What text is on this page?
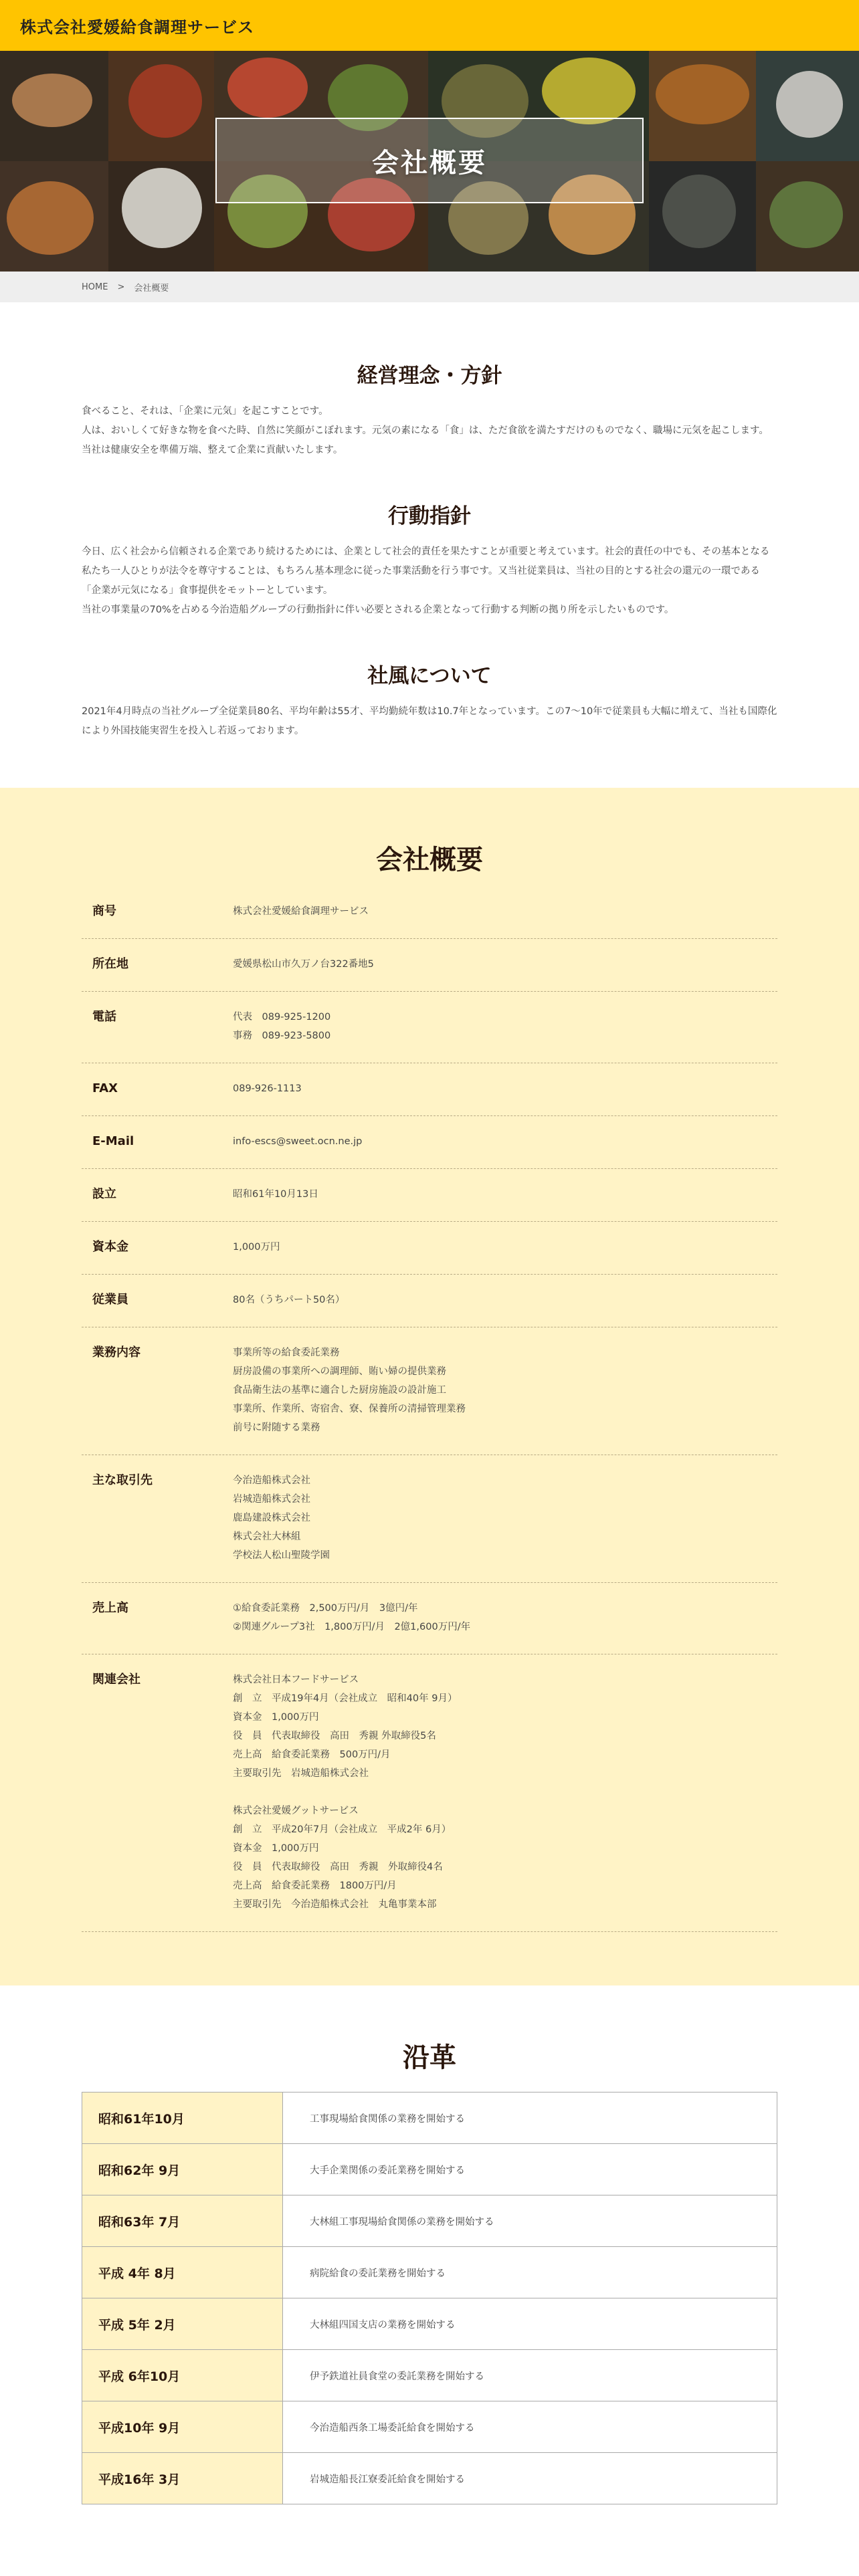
株式会社愛媛給食調理サービス
会社概要
HOME > 会社概要
経営理念・方針

食べること、それは、「企業に元気」を起こすことです。

人は、おいしくて好きな物を食べた時、自然に笑顔がこぼれます。元気の素になる「食」は、ただ食欲を満たすだけのものでなく、職場に元気を起こします。

当社は健康安全を準備万端、整えて企業に貢献いたします。

行動指針

今日、広く社会から信頼される企業であり続けるためには、企業として社会的責任を果たすことが重要と考えています。社会的責任の中でも、その基本となる私たち一人ひとりが法令を尊守することは、もちろん基本理念に従った事業活動を行う事です。又当社従業員は、当社の目的とする社会の還元の一環である「企業が元気になる」食事提供をモットーとしています。

当社の事業量の70%を占める今治造船グループの行動指針に伴い必要とされる企業となって行動する判断の拠り所を示したいものです。

社風について

2021年4月時点の当社グループ全従業員80名、平均年齢は55才、平均勤続年数は10.7年となっています。この7～10年で従業員も大幅に増えて、当社も国際化により外国技能実習生を投入し若返っております。

会社概要
商号	株式会社愛媛給食調理サービス
所在地	愛媛県松山市久万ノ台322番地5
電話	代表　089-925-1200
事務　089-923-5800
FAX	089-926-1113
E-Mail	info-escs@sweet.ocn.ne.jp
設立	昭和61年10月13日
資本金	1,000万円
従業員	80名（うちパート50名）
業務内容	事業所等の給食委託業務
厨房設備の事業所への調理師、賄い婦の提供業務
食品衛生法の基準に適合した厨房施設の設計施工
事業所、作業所、寄宿舎、寮、保養所の清掃管理業務
前号に附随する業務
主な取引先	今治造船株式会社
岩城造船株式会社
鹿島建設株式会社
株式会社大林組
学校法人松山聖陵学園
売上高	①給食委託業務　2,500万円/月　3億円/年
②関連グループ3社　1,800万円/月　2億1,600万円/年
関連会社	株式会社日本フードサービス
創　立　平成19年4月（会社成立　昭和40年 9月）
資本金　1,000万円
役　員　代表取締役　高田　秀親 外取締役5名
売上高　給食委託業務　500万円/月
主要取引先　岩城造船株式会社

株式会社愛媛グットサービス
創　立　平成20年7月（会社成立　平成2年 6月）
資本金　1,000万円
役　員　代表取締役　高田　秀親　外取締役4名
売上高　給食委託業務　1800万円/月
主要取引先　今治造船株式会社　丸亀事業本部
沿革
昭和61年10月	工事現場給食関係の業務を開始する
昭和62年 9月	大手企業関係の委託業務を開始する
昭和63年 7月	大林組工事現場給食関係の業務を開始する
平成 4年 8月	病院給食の委託業務を開始する
平成 5年 2月	大林組四国支店の業務を開始する
平成 6年10月	伊予鉄道社員食堂の委託業務を開始する
平成10年 9月	今治造船西条工場委託給食を開始する
平成16年 3月	岩城造船長江寮委託給食を開始する
